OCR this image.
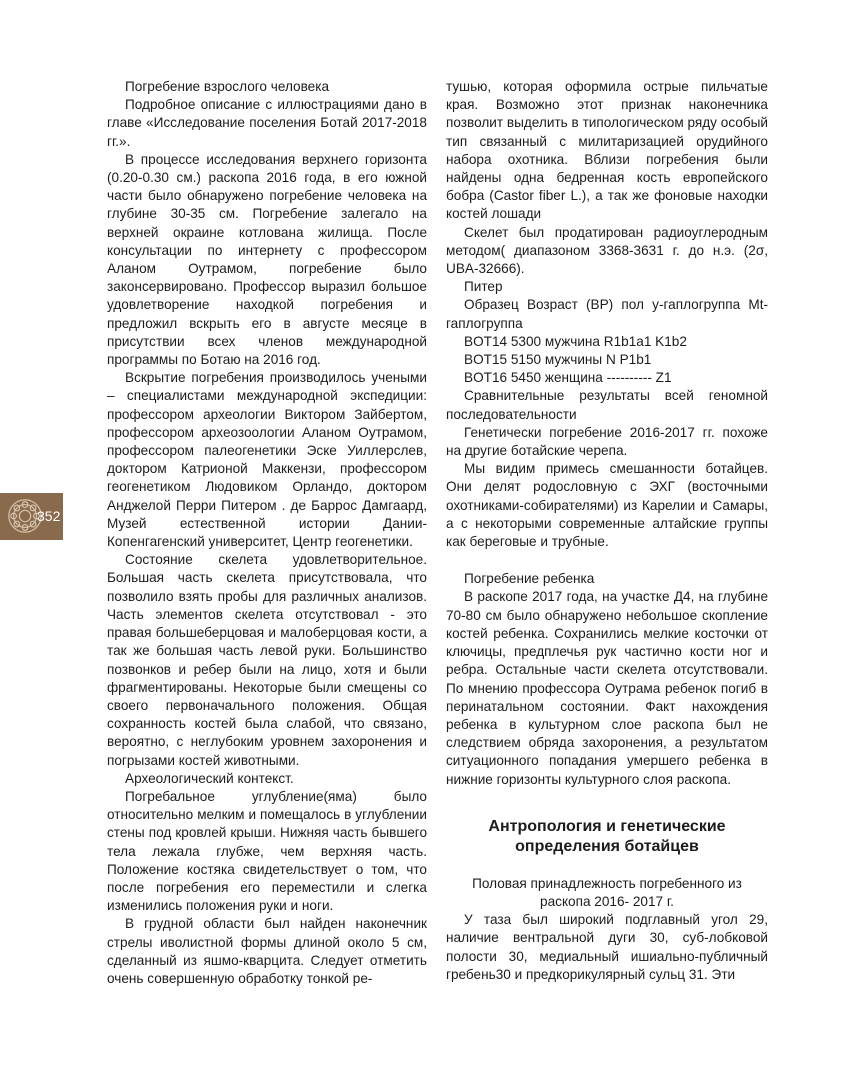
Погребение взрослого человека

Подробное описание с иллюстрациями дано в главе «Исследование поселения Ботай 2017-2018 гг.».

В процессе исследования верхнего горизонта (0.20-0.30 см.) раскопа 2016 года, в его южной части было обнаружено погребение человека на глубине 30-35 см. Погребение залегало на верхней окраине котлована жилища. После консультации по интернету с профессором Аланом Оутрамом, погребение было законсервировано. Профессор выразил большое удовлетворение находкой погребения и предложил вскрыть его в августе месяце в присутствии всех членов международной программы по Ботаю на 2016 год.

Вскрытие погребения производилось учеными – специалистами международной экспедиции: профессором археологии Виктором Зайбертом, профессором археозоологии Аланом Оутрамом, профессором палеогенетики Эске Уиллерслев, доктором Катрионой Маккензи, профессором геогенетиком Людовиком Орландо, доктором Анджелой Перри Питером . де Баррос Дамгаард, Музей естественной истории Дании-Копенгагенский университет, Центр геогенетики.

Состояние скелета удовлетворительное. Большая часть скелета присутствовала, что позволило взять пробы для различных анализов. Часть элементов скелета отсутствовал - это правая большеберцовая и малоберцовая кости, а так же большая часть левой руки. Большинство позвонков и ребер были на лицо, хотя и были фрагментированы. Некоторые были смещены со своего первоначального положения. Общая сохранность костей была слабой, что связано, вероятно, с неглубоким уровнем захоронения и погрызами костей животными.

Археологический контекст.

Погребальное углубление(яма) было относительно мелким и помещалось в углублении стены под кровлей крыши. Нижняя часть бывшего тела лежала глубже, чем верхняя часть. Положение костяка свидетельствует о том, что после погребения его переместили и слегка изменились положения руки и ноги.

В грудной области был найден наконечник стрелы иволистной формы длиной около 5 см, сделанный из яшмо-кварцита. Следует отметить очень совершенную обработку тонкой ре-

тушью, которая оформила острые пильчатые края. Возможно этот признак наконечника позволит выделить в типологическом ряду особый тип связанный с милитаризацией орудийного набора охотника. Вблизи погребения были найдены одна бедренная кость европейского бобра (Castor fiber L.), а так же фоновые находки костей лошади

Скелет был продатирован радиоуглеродным методом( диапазоном 3368-3631 г. до н.э. (2σ, UBA-32666).

Питер

Образец Возраст (BP) пол y-гаплогруппа Mt-гаплогруппа

BOT14 5300 мужчина R1b1a1 K1b2

BOT15 5150 мужчины N P1b1

BOT16 5450 женщина ---------- Z1

Сравнительные результаты всей геномной последовательности

Генетически погребение 2016-2017 гг. похоже на другие ботайские черепа.

Мы видим примесь смешанности ботайцев. Они делят родословную с ЭХГ (восточными охотниками-собирателями) из Карелии и Самары, а с некоторыми современные алтайские группы как береговые и трубные.

Погребение ребенка

В раскопе 2017 года, на участке Д4, на глубине 70-80 см было обнаружено небольшое скопление костей ребенка. Сохранились мелкие косточки от ключицы, предплечья рук частично кости ног и ребра. Остальные части скелета отсутствовали. По мнению профессора Оутрама ребенок погиб в перинатальном состоянии. Факт нахождения ребенка в культурном слое раскопа был не следствием обряда захоронения, а результатом ситуационного попадания умершего ребенка в нижние горизонты культурного слоя раскопа.

Антропология и генетические определения ботайцев

Половая принадлежность погребенного из

раскопа 2016- 2017 г.

У таза был широкий подглавный угол 29, наличие вентральной дуги 30, суб-лобковой полости 30, медиальный ишиально-публичный гребень30 и предкорикулярный сульц 31. Эти

352
